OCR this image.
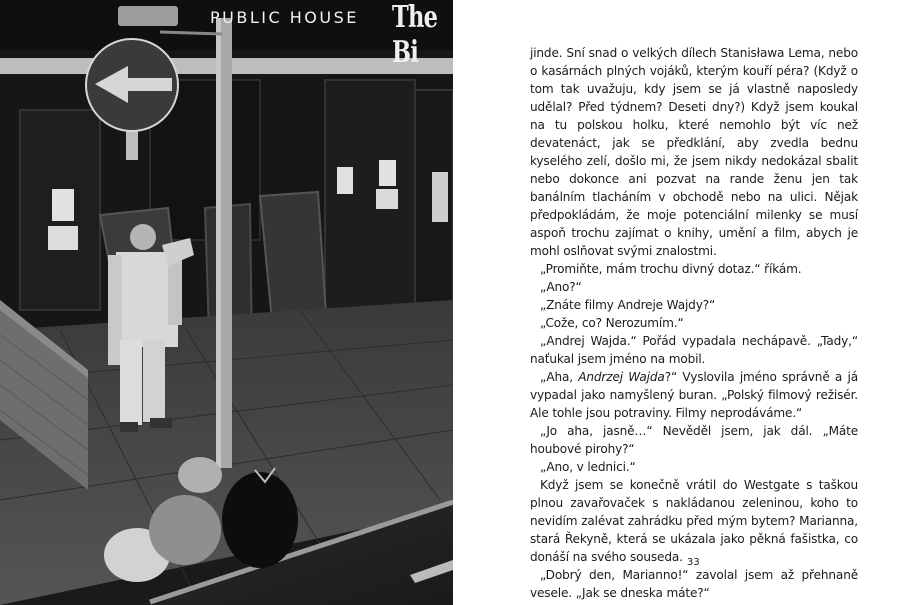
PUBLIC HOUSE The Bi	jinde. Sní snad o velkých dílech Stanisława Lema, nebo o kasárnách plných vojáků, kterým kouří péra? (Když o tom tak uvažuju, kdy jsem se já vlastně naposledy udělal? Před týdnem? Deseti dny?) Když jsem koukal na tu polskou holku, které nemohlo být víc než devatenáct, jak se předklání, aby zvedla bednu kyselého zelí, došlo mi, že jsem nikdy nedokázal sbalit nebo dokonce ani pozvat na rande ženu jen tak banálním tlacháním v obchodě nebo na ulici. Nějak předpokládám, že moje potenciální milenky se musí aspoň trochu zajímat o knihy, umění a film, abych je mohl oslňovat svými znalostmi.

„Promiňte, mám trochu divný dotaz.“ říkám.

„Ano?“

„Znáte filmy Andreje Wajdy?“

„Cože, co? Nerozumím.“

„Andrej Wajda.“ Pořád vypadala nechápavě. „Tady,“ naťukal jsem jméno na mobil.

„Aha, Andrzej Wajda?“ Vyslovila jméno správně a já vypadal jako namyšlený buran. „Polský filmový režisér. Ale tohle jsou potraviny. Filmy neprodáváme.“

„Jo aha, jasně…“ Nevěděl jsem, jak dál. „Máte houbové pirohy?“

„Ano, v lednici.“

Když jsem se konečně vrátil do Westgate s taškou plnou zavařovaček s nakládanou zeleninou, koho to nevidím zalévat zahrádku před mým bytem? Marianna, stará Řekyně, která se ukázala jako pěkná fašistka, co donáší na svého souseda.

„Dobrý den, Marianno!“ zavolal jsem až přehnaně vesele. „Jak se dneska máte?“

33
